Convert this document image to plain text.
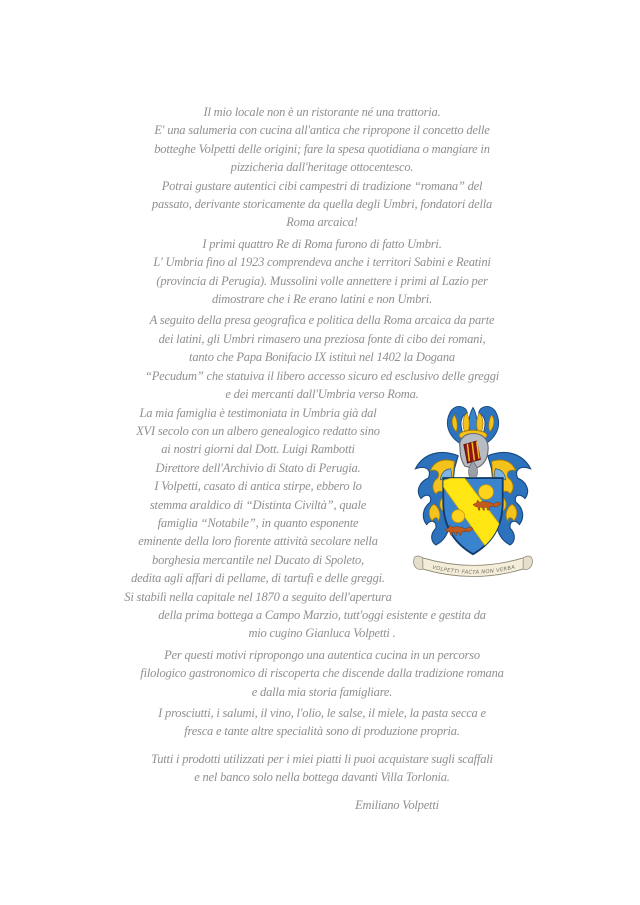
Il mio locale non è un ristorante né una trattoria.
E' una salumeria con cucina all'antica che ripropone il concetto delle
botteghe Volpetti delle origini; fare la spesa quotidiana o mangiare in
pizzicheria dall'heritage ottocentesco.
Potrai gustare autentici cibi campestri di tradizione “romana” del
passato, derivante storicamente da quella degli Umbri, fondatori della
Roma arcaica!
I primi quattro Re di Roma furono di fatto Umbri.
L' Umbria fino al 1923 comprendeva anche i territori Sabini e Reatini
(provincia di Perugia). Mussolini volle annettere i primi al Lazio per
dimostrare che i Re erano latini e non Umbri.
A seguito della presa geografica e politica della Roma arcaica da parte
dei latini, gli Umbri rimasero una preziosa fonte di cibo dei romani,
tanto che Papa Bonifacio IX istituì nel 1402 la Dogana
“Pecudum” che statuiva il libero accesso sicuro ed esclusivo delle greggi
e dei mercanti dall'Umbria verso Roma.
La mia famiglia è testimoniata in Umbria già dal
XVI secolo con un albero genealogico redatto sino
ai nostri giorni dal Dott. Luigi Rambotti
Direttore dell'Archivio di Stato di Perugia.
I Volpetti, casato di antica stirpe, ebbero lo
stemma araldico di “Distinta Civiltà”, quale
famiglia “Notabile”, in quanto esponente
eminente della loro fiorente attività secolare nella
borghesia mercantile nel Ducato di Spoleto,
dedita agli affari di pellame, di tartufi e delle greggi.
Si stabilì nella capitale nel 1870 a seguito dell'apertura
VOLPETTI FACTA NON VERBA
della prima bottega a Campo Marzio, tutt'oggi esistente e gestita da
mio cugino Gianluca Volpetti .
Per questi motivi ripropongo una autentica cucina in un percorso
filologico gastronomico di riscoperta che discende dalla tradizione romana
e dalla mia storia famigliare.
I prosciutti, i salumi, il vino, l'olio, le salse, il miele, la pasta secca e
fresca e tante altre specialità sono di produzione propria.
Tutti i prodotti utilizzati per i miei piatti li puoi acquistare sugli scaffali
e nel banco solo nella bottega davanti Villa Torlonia.
Emiliano Volpetti
